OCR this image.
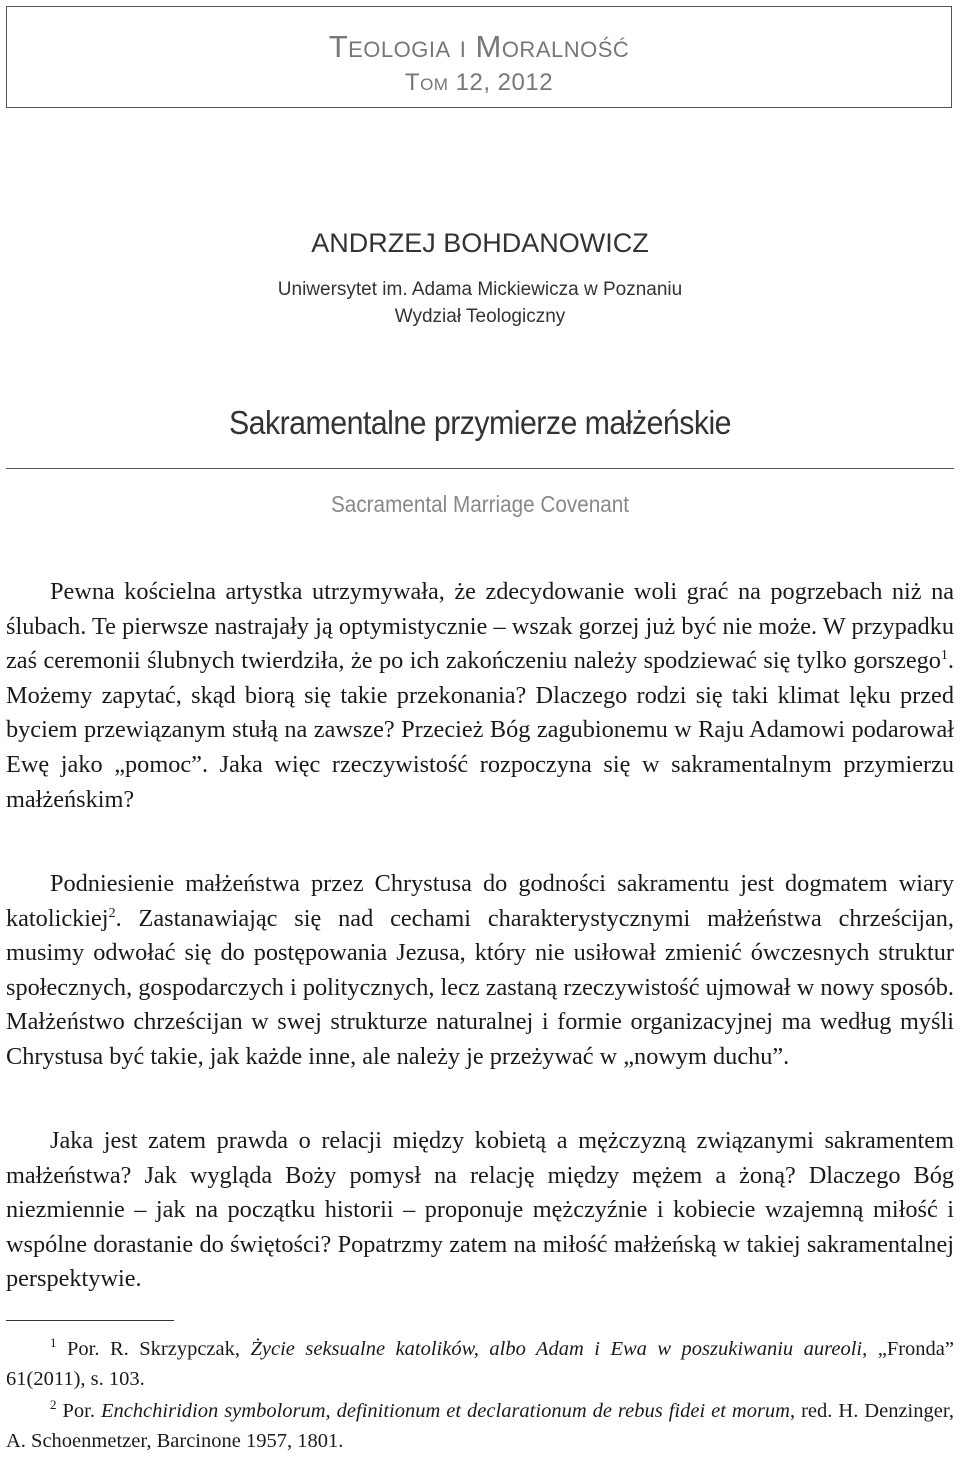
Teologia i Moralność
Tom 12, 2012
ANDRZEJ BOHDANOWICZ
Uniwersytet im. Adama Mickiewicza w Poznaniu
Wydział Teologiczny
Sakramentalne przymierze małżeńskie
Sacramental Marriage Covenant

Pewna kościelna artystka utrzymywała, że zdecydowanie woli grać na pogrzebach niż na ślubach. Te pierwsze nastrajały ją optymistycznie – wszak gorzej już być nie może. W przypadku zaś ceremonii ślubnych twierdziła, że po ich zakończeniu należy spodziewać się tylko gorszego$^1$. Możemy zapytać, skąd biorą się takie przekonania? Dlaczego rodzi się taki klimat lęku przed byciem przewiązanym stułą na zawsze? Przecież Bóg zagubionemu w Raju Adamowi podarował Ewę jako „pomoc”. Jaka więc rzeczywistość rozpoczyna się w sakramentalnym przymierzu małżeńskim?

Podniesienie małżeństwa przez Chrystusa do godności sakramentu jest dogmatem wiary katolickiej$^2$. Zastanawiając się nad cechami charakterystycznymi małżeństwa chrześcijan, musimy odwołać się do postępowania Jezusa, który nie usiłował zmienić ówczesnych struktur społecznych, gospodarczych i politycznych, lecz zastaną rzeczywistość ujmował w nowy sposób. Małżeństwo chrześcijan w swej strukturze naturalnej i formie organizacyjnej ma według myśli Chrystusa być takie, jak każde inne, ale należy je przeżywać w „nowym duchu”.

Jaka jest zatem prawda o relacji między kobietą a mężczyzną związanymi sakramentem małżeństwa? Jak wygląda Boży pomysł na relację między mężem a żoną? Dlaczego Bóg niezmiennie – jak na początku historii – proponuje mężczyźnie i kobiecie wzajemną miłość i wspólne dorastanie do świętości? Popatrzmy zatem na miłość małżeńską w takiej sakramentalnej perspektywie.

$^1$ Por. R. Skrzypczak, Życie seksualne katolików, albo Adam i Ewa w poszukiwaniu aureoli, „Fronda” 61(2011), s. 103.

$^2$ Por. Enchchiridion symbolorum, definitionum et declarationum de rebus fidei et morum, red. H. Denzinger, A. Schoenmetzer, Barcinone 1957, 1801.
